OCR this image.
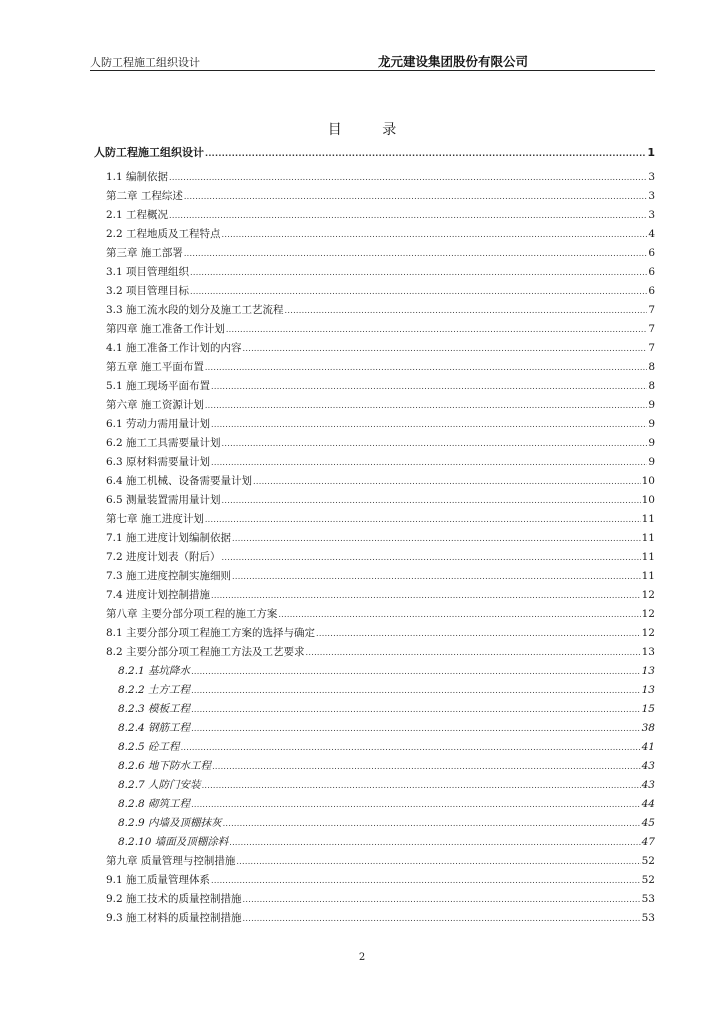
人防工程施工组织设计	龙元建设集团股份有限公司
目 录
人防工程施工组织设计 .....	1
1.1 编制依据 .....	3
第二章 工程综述 .....	3
2.1 工程概况 .....	3
2.2 工程地质及工程特点 .....	4
第三章 施工部署 .....	6
3.1 项目管理组织 .....	6
3.2 项目管理目标 .....	6
3.3 施工流水段的划分及施工工艺流程 .....	7
第四章 施工准备工作计划 .....	7
4.1 施工准备工作计划的内容 .....	7
第五章 施工平面布置 .....	8
5.1 施工现场平面布置 .....	8
第六章 施工资源计划 .....	9
6.1 劳动力需用量计划 .....	9
6.2 施工工具需要量计划 .....	9
6.3 原材料需要量计划 .....	9
6.4 施工机械、设备需要量计划 .....	10
6.5 测量装置需用量计划 .....	10
第七章 施工进度计划 .....	11
7.1 施工进度计划编制依据 .....	11
7.2 进度计划表（附后） .....	11
7.3 施工进度控制实施细则 .....	11
7.4 进度计划控制措施 .....	12
第八章 主要分部分项工程的施工方案 .....	12
8.1 主要分部分项工程施工方案的选择与确定 .....	12
8.2 主要分部分项工程施工方法及工艺要求 .....	13
8.2.1 基坑降水 .....	13
8.2.2 土方工程 .....	13
8.2.3 模板工程 .....	15
8.2.4 钢筋工程 .....	38
8.2.5 砼工程 .....	41
8.2.6 地下防水工程 .....	43
8.2.7 人防门安装 .....	43
8.2.8 砌筑工程 .....	44
8.2.9 内墙及顶棚抹灰 .....	45
8.2.10 墙面及顶棚涂料 .....	47
第九章 质量管理与控制措施 .....	52
9.1 施工质量管理体系 .....	52
9.2 施工技术的质量控制措施 .....	53
9.3 施工材料的质量控制措施 .....	53
2
